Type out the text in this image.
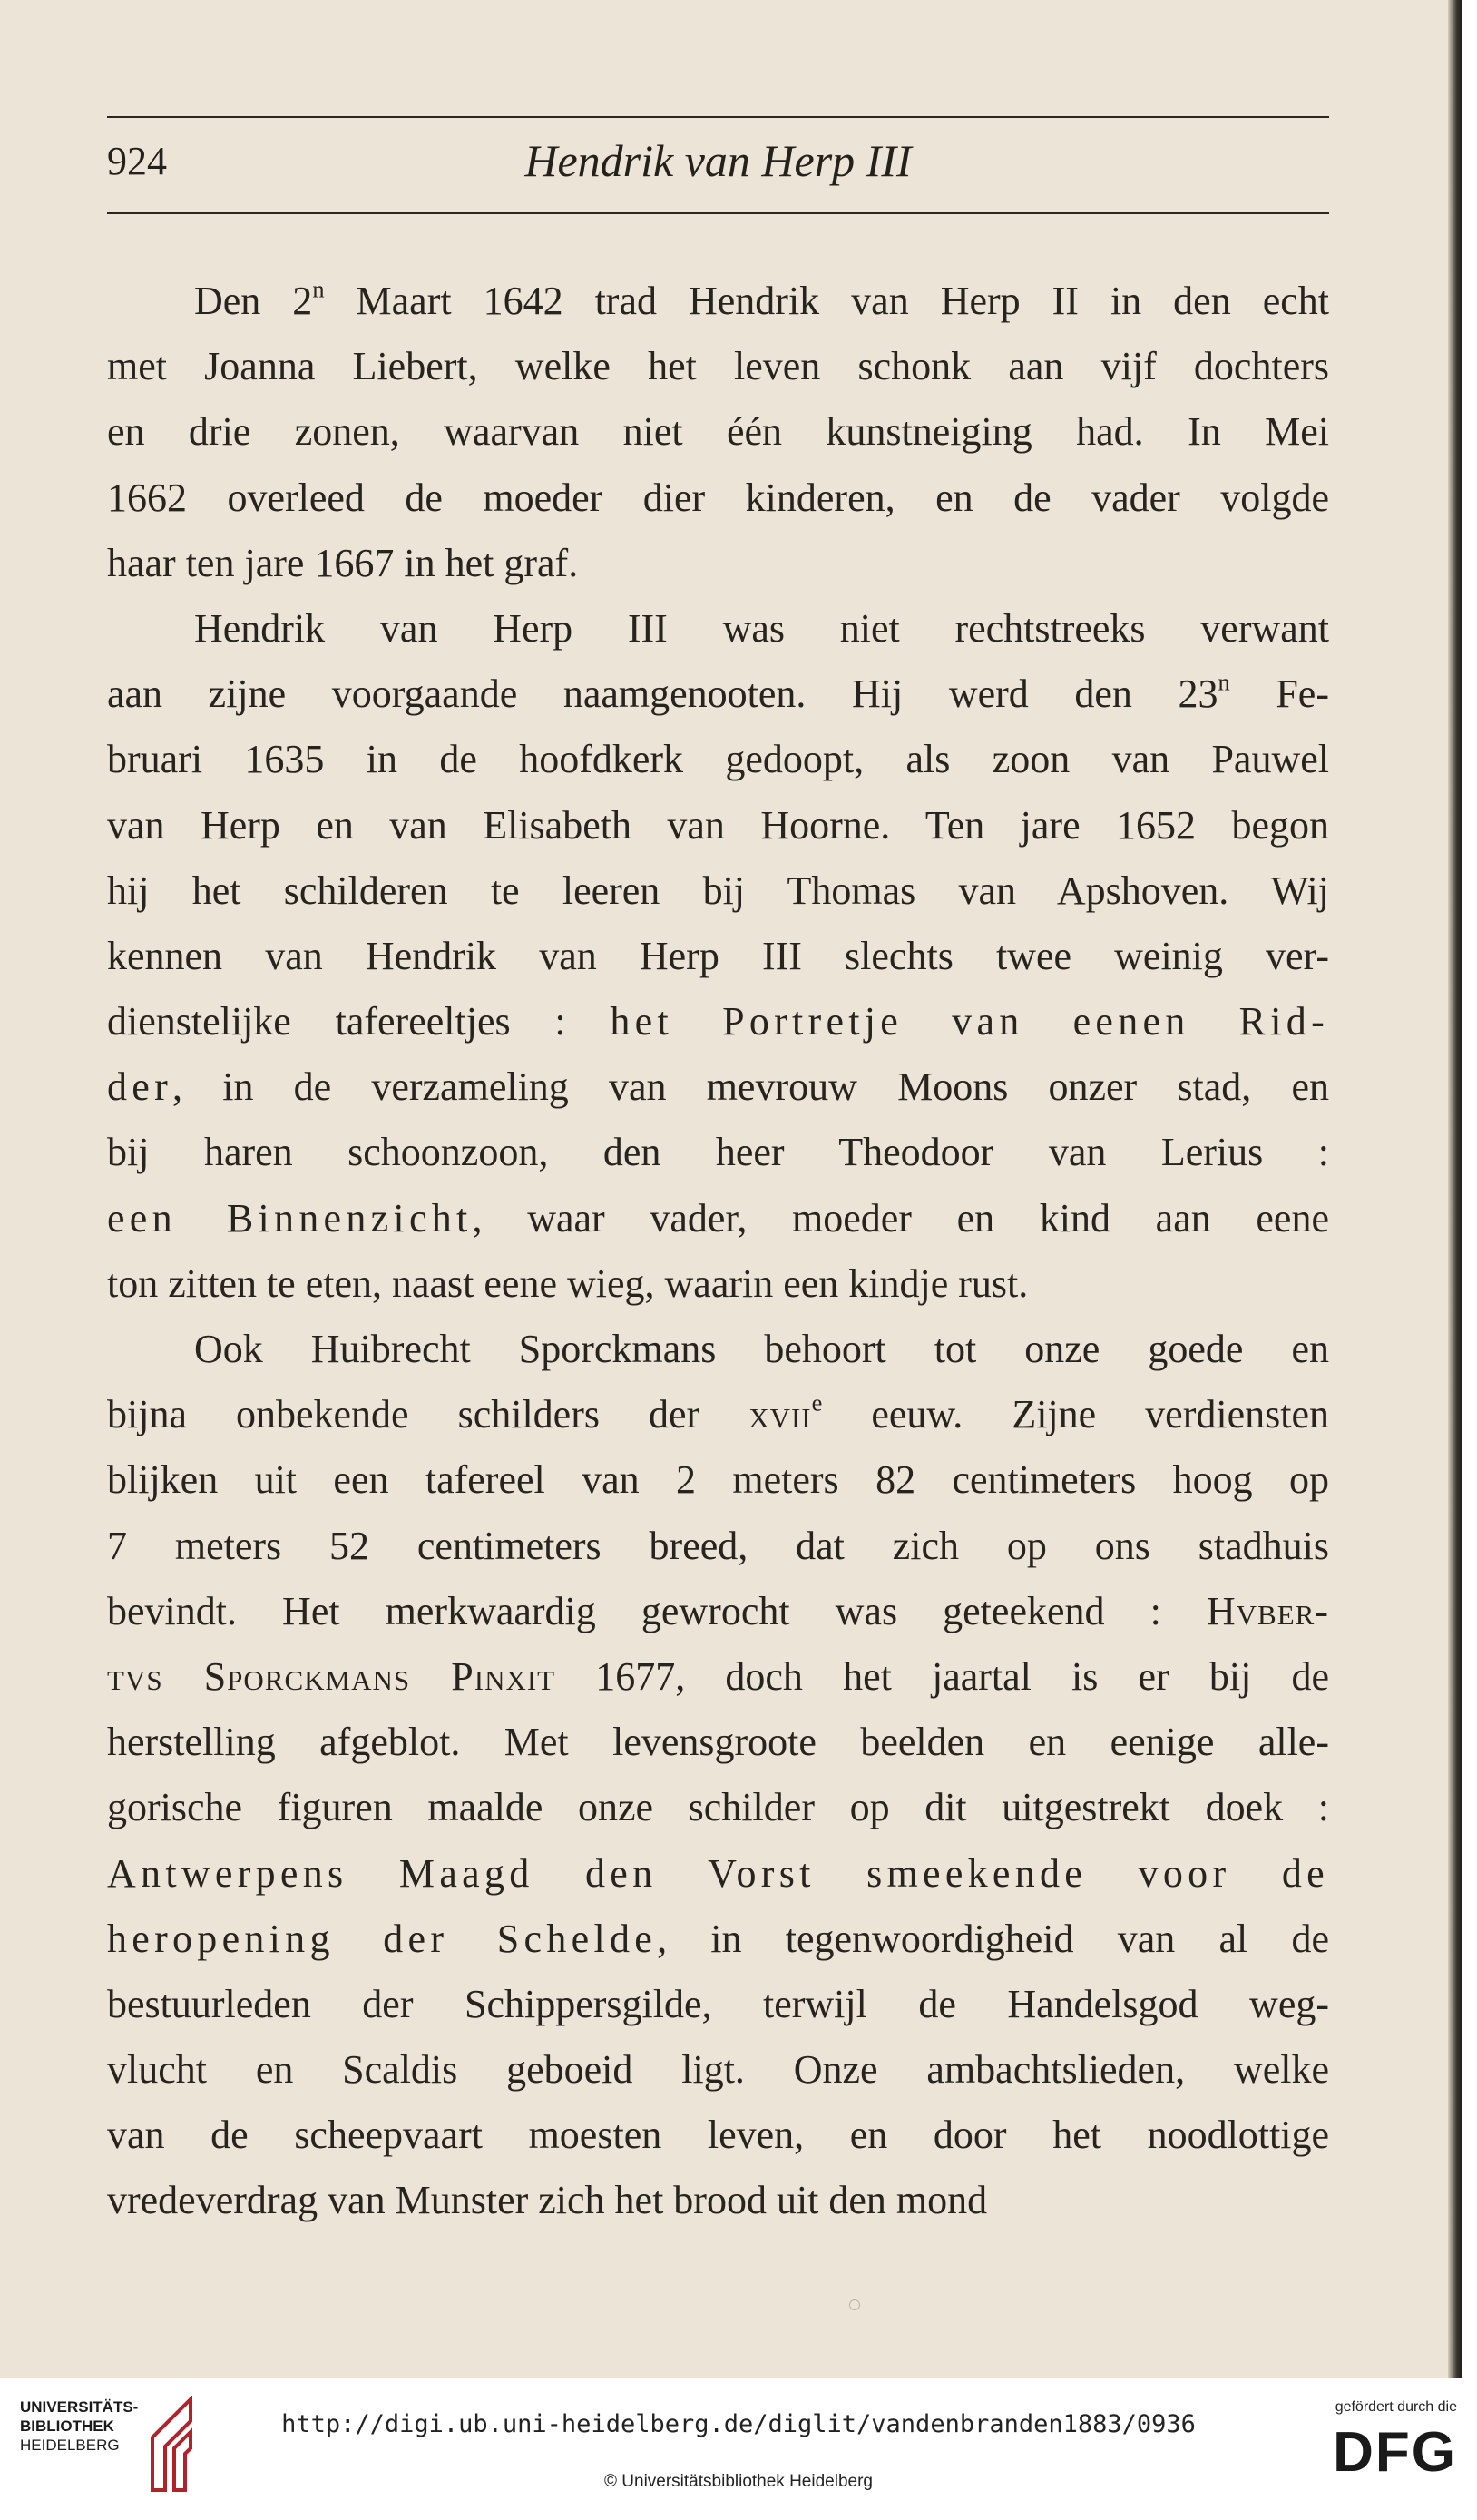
924	Hendrik van Herp III
Den 2$^n$ Maart 1642 trad Hendrik van Herp II in den echt
met Joanna Liebert, welke het leven schonk aan vijf dochters
en drie zonen, waarvan niet één kunstneiging had. In Mei
1662 overleed de moeder dier kinderen, en de vader volgde
haar ten jare 1667 in het graf.
Hendrik van Herp III was niet rechtstreeks verwant
aan zijne voorgaande naamgenooten. Hij werd den 23$^n$ Fe-
bruari 1635 in de hoofdkerk gedoopt, als zoon van Pauwel
van Herp en van Elisabeth van Hoorne. Ten jare 1652 begon
hij het schilderen te leeren bij Thomas van Apshoven. Wij
kennen van Hendrik van Herp III slechts twee weinig ver-
dienstelijke tafereeltjes : het Portretje van eenen Rid-
der, in de verzameling van mevrouw Moons onzer stad, en
bij haren schoonzoon, den heer Theodoor van Lerius :
een Binnenzicht, waar vader, moeder en kind aan eene
ton zitten te eten, naast eene wieg, waarin een kindje rust.
Ook Huibrecht Sporckmans behoort tot onze goede en
bijna onbekende schilders der xvii$^e$ eeuw. Zijne verdiensten
blijken uit een tafereel van 2 meters 82 centimeters hoog op
7 meters 52 centimeters breed, dat zich op ons stadhuis
bevindt. Het merkwaardig gewrocht was geteekend : Hvber-
tvs Sporckmans Pinxit 1677, doch het jaartal is er bij de
herstelling afgeblot. Met levensgroote beelden en eenige alle-
gorische figuren maalde onze schilder op dit uitgestrekt doek :
Antwerpens Maagd den Vorst smeekende voor de
heropening der Schelde, in tegenwoordigheid van al de
bestuurleden der Schippersgilde, terwijl de Handelsgod weg-
vlucht en Scaldis geboeid ligt. Onze ambachtslieden, welke
van de scheepvaart moesten leven, en door het noodlottige
vredeverdrag van Munster zich het brood uit den mond
UNIVERSITÄTS-
BIBLIOTHEK
HEIDELBERG
http://digi.ub.uni-heidelberg.de/diglit/vandenbranden1883/0936
© Universitätsbibliothek Heidelberg
gefördert durch die
DFG
